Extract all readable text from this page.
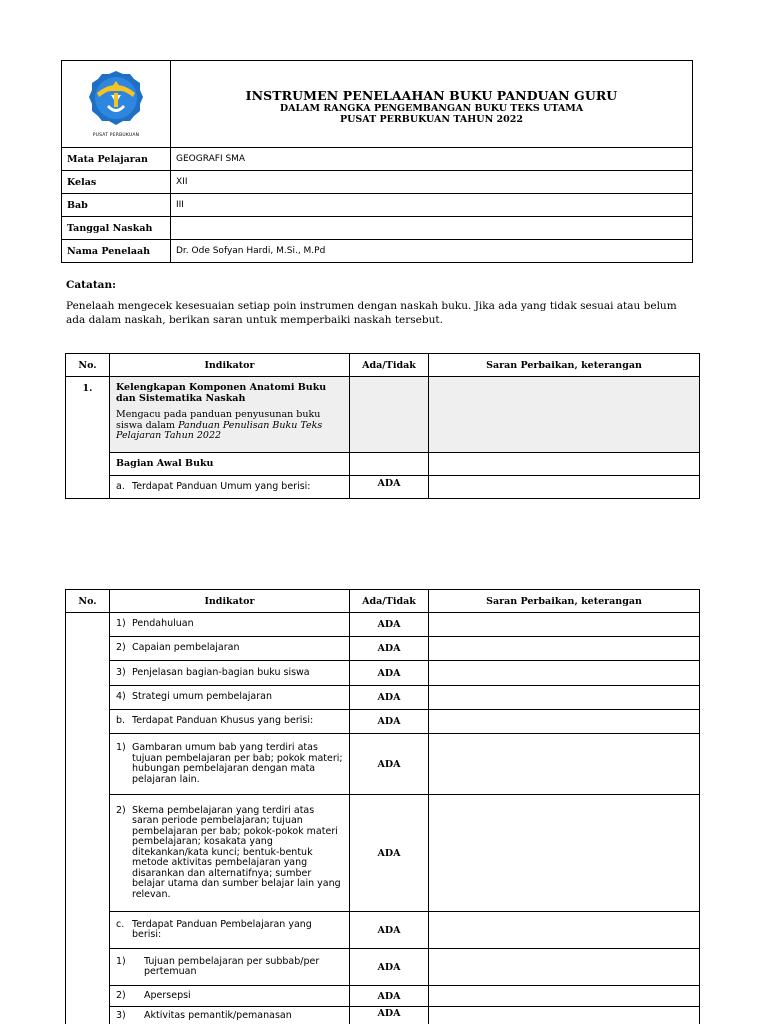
PUSAT PERBUKUAN	INSTRUMEN PENELAAHAN BUKU PANDUAN GURU
DALAM RANGKA PENGEMBANGAN BUKU TEKS UTAMA
PUSAT PERBUKUAN TAHUN 2022

Mata Pelajaran	GEOGRAFI SMA
Kelas	XII
Bab	III
Tanggal Naskah	
Nama Penelaah	Dr. Ode Sofyan Hardi, M.Si., M.Pd
Catatan:
Penelaah mengecek kesesuaian setiap poin instrumen dengan naskah buku. Jika ada yang tidak sesuai atau belum ada dalam naskah, berikan saran untuk memperbaiki naskah tersebut.
No.	Indikator	Ada/Tidak	Saran Perbaikan, keterangan
1.	Kelengkapan Komponen Anatomi Buku dan Sistematika Naskah
Mengacu pada panduan penyusunan buku siswa dalam Panduan Penulisan Buku Teks Pelajaran Tahun 2022		

	Bagian Awal Buku		

	a. Terdapat Panduan Umum yang berisi:	ADA	
No.	Indikator	Ada/Tidak	Saran Perbaikan, keterangan

	1) Pendahuluan	ADA	

	2) Capaian pembelajaran	ADA	

	3) Penjelasan bagian-bagian buku siswa	ADA	

	4) Strategi umum pembelajaran	ADA	

	b. Terdapat Panduan Khusus yang berisi:	ADA	

	1) Gambaran umum bab yang terdiri atas tujuan pembelajaran per bab; pokok materi; hubungan pembelajaran dengan mata pelajaran lain.	ADA	

	2) Skema pembelajaran yang terdiri atas saran periode pembelajaran; tujuan pembelajaran per bab; pokok-pokok materi pembelajaran; kosakata yang ditekankan/kata kunci; bentuk-bentuk metode aktivitas pembelajaran yang disarankan dan alternatifnya; sumber belajar utama dan sumber belajar lain yang relevan.	ADA	

	c. Terdapat Panduan Pembelajaran yang berisi:	ADA	

	1) Tujuan pembelajaran per subbab/per pertemuan	ADA	

	2) Apersepsi	ADA	

	3) Aktivitas pemantik/pemanasan	ADA	
